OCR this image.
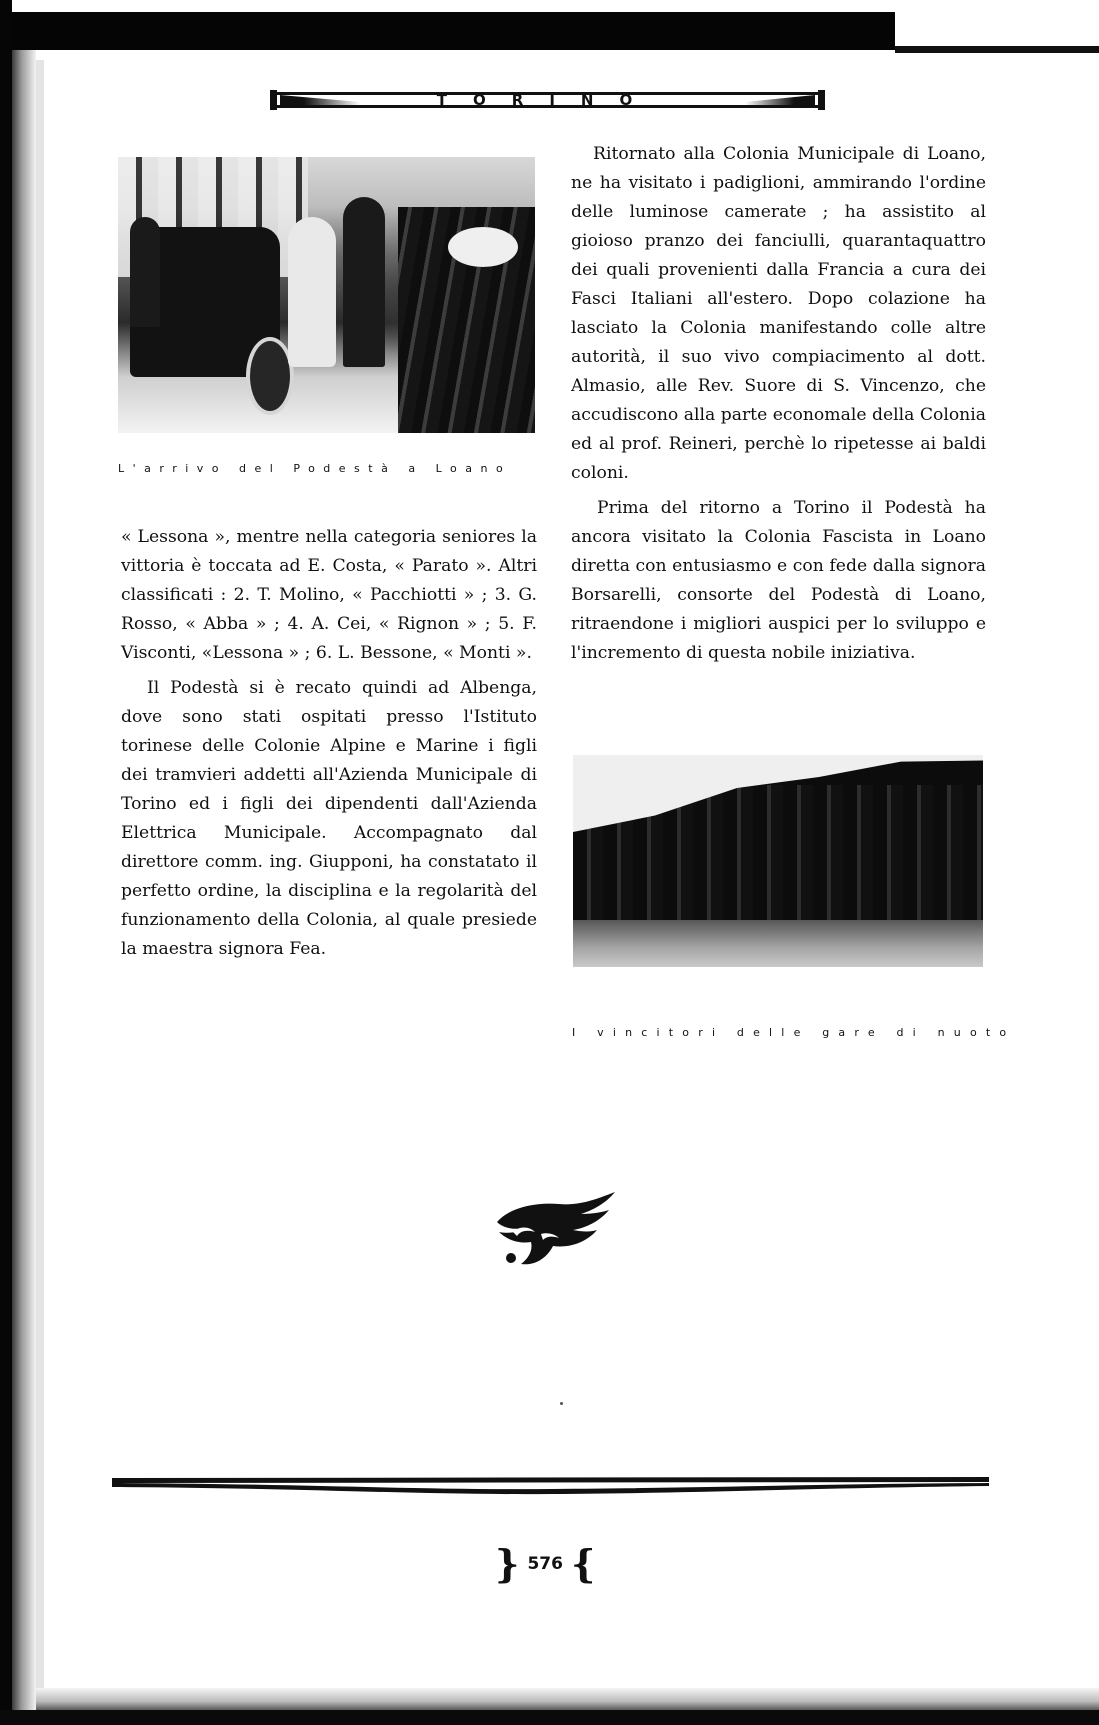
TORINO
L'arrivo del Podestà a Loano

« Lessona », mentre nella categoria seniores la vittoria è toccata ad E. Costa, « Parato ». Altri classificati : 2. T. Molino, « Pacchiotti » ; 3. G. Rosso, « Abba » ; 4. A. Cei, « Rignon » ; 5. F. Visconti, «Lessona » ; 6. L. Bessone, « Monti ».

Il Podestà si è recato quindi ad Albenga, dove sono stati ospitati presso l'Istituto torinese delle Colonie Alpine e Marine i figli dei tramvieri addetti all'Azienda Municipale di Torino ed i figli dei dipendenti dall'Azienda Elettrica Municipale. Accompagnato dal direttore comm. ing. Giupponi, ha constatato il perfetto ordine, la disciplina e la regolarità del funzionamento della Colonia, al quale presiede la maestra signora Fea.

Ritornato alla Colonia Municipale di Loano, ne ha visitato i padiglioni, ammirando l'ordine delle luminose camerate ; ha assistito al gioioso pranzo dei fanciulli, quarantaquattro dei quali provenienti dalla Francia a cura dei Fasci Italiani all'estero. Dopo colazione ha lasciato la Colonia manifestando colle altre autorità, il suo vivo compiacimento al dott. Almasio, alle Rev. Suore di S. Vincenzo, che accudiscono alla parte economale della Colonia ed al prof. Reineri, perchè lo ripetesse ai baldi coloni.

Prima del ritorno a Torino il Podestà ha ancora visitato la Colonia Fascista in Loano diretta con entusiasmo e con fede dalla signora Borsarelli, consorte del Podestà di Loano, ritraendone i migliori auspici per lo sviluppo e l'incremento di questa nobile iniziativa.

I vincitori delle gare di nuoto
} 576 {
